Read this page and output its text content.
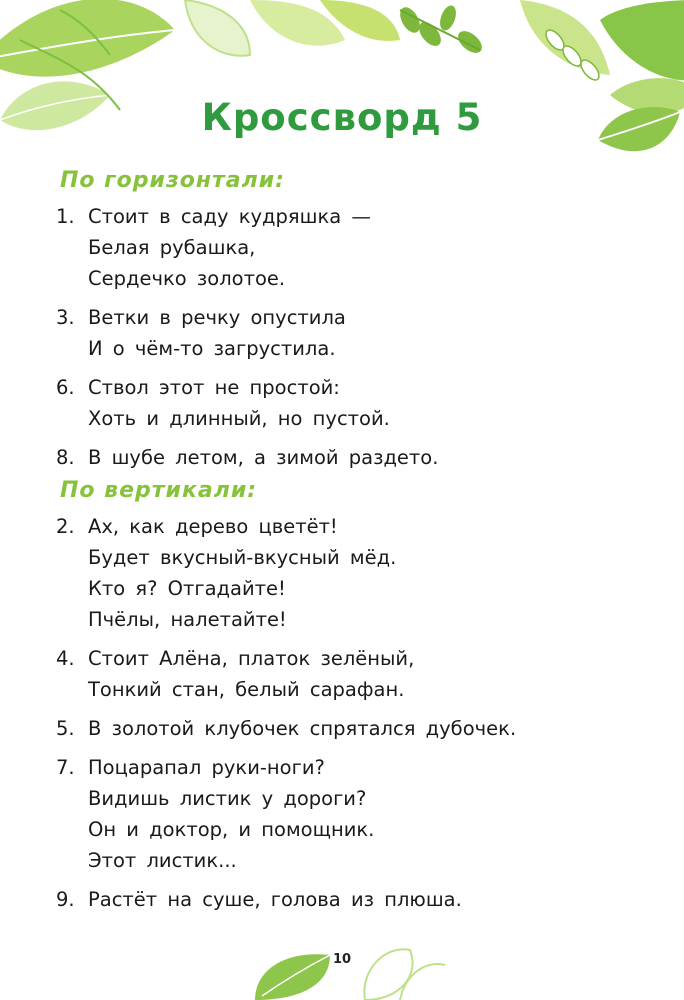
Кроссворд 5
По горизонтали:
1. Стоит в саду кудряшка —
Белая рубашка,
Сердечко золотое.
3. Ветки в речку опустила
И о чём-то загрустила.
6. Ствол этот не простой:
Хоть и длинный, но пустой.
8. В шубе летом, а зимой раздето.
По вертикали:
2. Ах, как дерево цветёт!
Будет вкусный-вкусный мёд.
Кто я? Отгадайте!
Пчёлы, налетайте!
4. Стоит Алёна, платок зелёный,
Тонкий стан, белый сарафан.
5. В золотой клубочек спрятался дубочек.
7. Поцарапал руки-ноги?
Видишь листик у дороги?
Он и доктор, и помощник.
Этот листик...
9. Растёт на суше, голова из плюша.
10
